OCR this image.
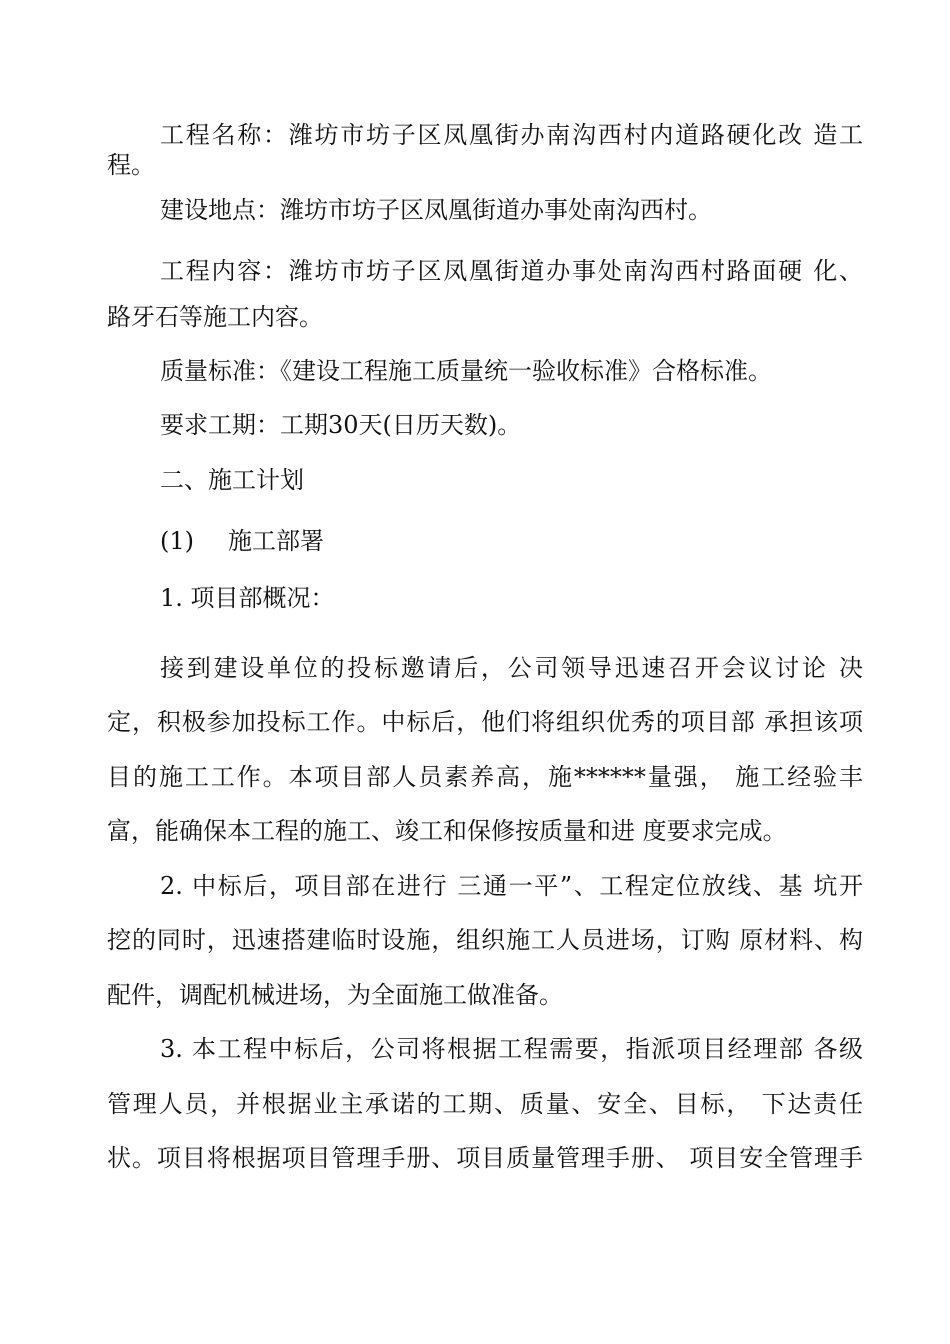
工程名称：潍坊市坊子区凤凰街办南沟西村内道路硬化改 造工
程。
建设地点：潍坊市坊子区凤凰街道办事处南沟西村。
工程内容：潍坊市坊子区凤凰街道办事处南沟西村路面硬 化、
路牙石等施工内容。
质量标准：《建设工程施工质量统一验收标准》合格标准。
要求工期：工期30天(日历天数)。
二、施工计划
(1) 施工部署
1. 项目部概况：
接到建设单位的投标邀请后，公司领导迅速召开会议讨论 决
定，积极参加投标工作。中标后，他们将组织优秀的项目部 承担该项
目的施工工作。本项目部人员素养高，施******量强， 施工经验丰
富，能确保本工程的施工、竣工和保修按质量和进 度要求完成。
2. 中标后，项目部在进行 三通一平”、工程定位放线、基 坑开
挖的同时，迅速搭建临时设施，组织施工人员进场，订购 原材料、构
配件，调配机械进场，为全面施工做准备。
3. 本工程中标后，公司将根据工程需要，指派项目经理部 各级
管理人员，并根据业主承诺的工期、质量、安全、目标， 下达责任
状。项目将根据项目管理手册、项目质量管理手册、 项目安全管理手
